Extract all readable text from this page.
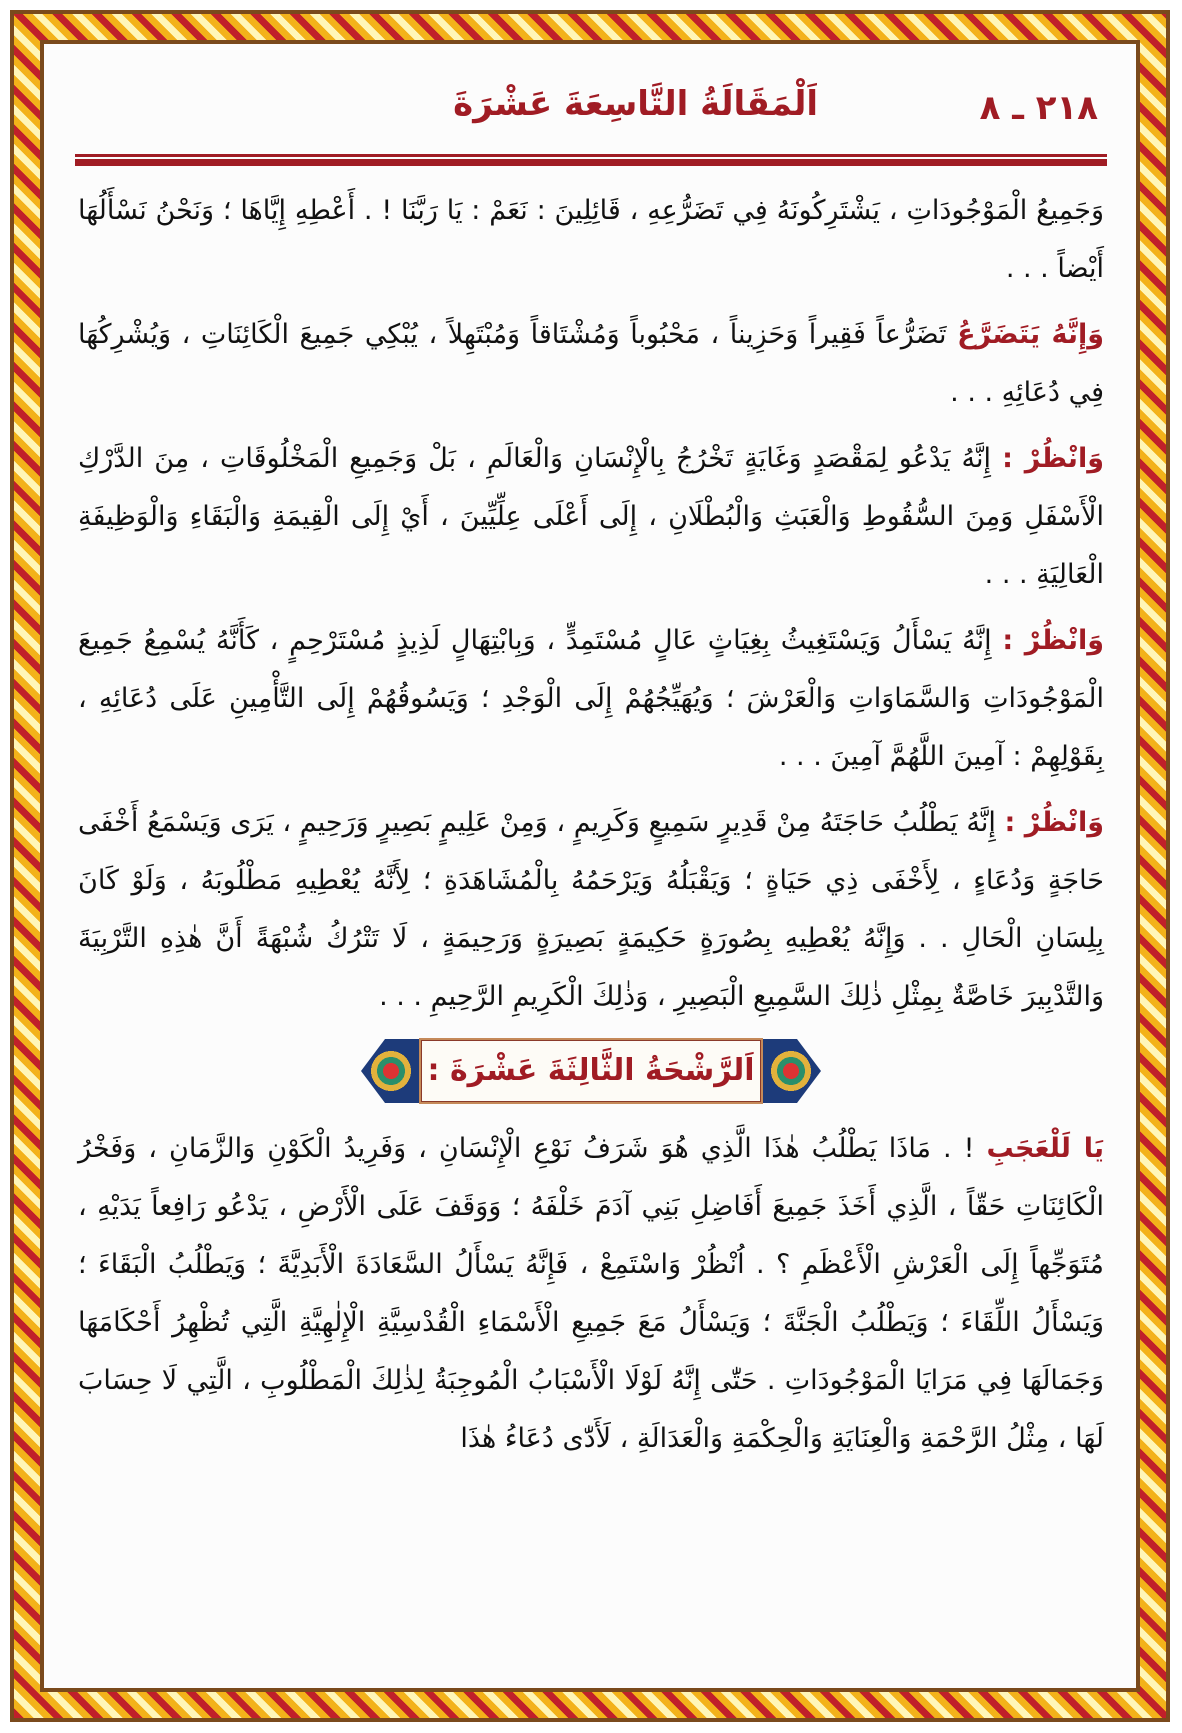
٢١٨ ـ ٨
اَلْمَقَالَةُ التَّاسِعَةَ عَشْرَةَ

وَجَمِيعُ الْمَوْجُودَاتِ ، يَشْتَرِكُونَهُ فِي تَضَرُّعِهِ ، قَائِلِينَ : نَعَمْ : يَا رَبَّنَا ! . أَعْطِهِ إِيَّاهَا ؛ وَنَحْنُ نَسْأَلُهَا أَيْضاً . . .

وَإِنَّهُ يَتَضَرَّعُ تَضَرُّعاً فَقِيراً وَحَزِيناً ، مَحْبُوباً وَمُشْتَاقاً وَمُبْتَهِلاً ، يُبْكِي جَمِيعَ الْكَائِنَاتِ ، وَيُشْرِكُهَا فِي دُعَائِهِ . . .

وَانْظُرْ : إِنَّهُ يَدْعُو لِمَقْصَدٍ وَغَايَةٍ تَخْرُجُ بِالْإِنْسَانِ وَالْعَالَمِ ، بَلْ وَجَمِيعِ الْمَخْلُوقَاتِ ، مِنَ الدَّرْكِ الْأَسْفَلِ وَمِنَ السُّقُوطِ وَالْعَبَثِ وَالْبُطْلَانِ ، إِلَى أَعْلَى عِلِّيِّينَ ، أَيْ إِلَى الْقِيمَةِ وَالْبَقَاءِ وَالْوَظِيفَةِ الْعَالِيَةِ . . .

وَانْظُرْ : إِنَّهُ يَسْأَلُ وَيَسْتَغِيثُ بِغِيَاثٍ عَالٍ مُسْتَمِدٍّ ، وَبِابْتِهَالٍ لَذِيذٍ مُسْتَرْحِمٍ ، كَأَنَّهُ يُسْمِعُ جَمِيعَ الْمَوْجُودَاتِ وَالسَّمَاوَاتِ وَالْعَرْشَ ؛ وَيُهَيِّجُهُمْ إِلَى الْوَجْدِ ؛ وَيَسُوقُهُمْ إِلَى التَّأْمِينِ عَلَى دُعَائِهِ ، بِقَوْلِهِمْ : آمِينَ اللَّهُمَّ آمِينَ . . .

وَانْظُرْ : إِنَّهُ يَطْلُبُ حَاجَتَهُ مِنْ قَدِيرٍ سَمِيعٍ وَكَرِيمٍ ، وَمِنْ عَلِيمٍ بَصِيرٍ وَرَحِيمٍ ، يَرَى وَيَسْمَعُ أَخْفَى حَاجَةٍ وَدُعَاءٍ ، لِأَخْفَى ذِي حَيَاةٍ ؛ وَيَقْبَلُهُ وَيَرْحَمُهُ بِالْمُشَاهَدَةِ ؛ لِأَنَّهُ يُعْطِيهِ مَطْلُوبَهُ ، وَلَوْ كَانَ بِلِسَانِ الْحَالِ . . وَإِنَّهُ يُعْطِيهِ بِصُورَةٍ حَكِيمَةٍ بَصِيرَةٍ وَرَحِيمَةٍ ، لَا تَتْرُكُ شُبْهَةً أَنَّ هٰذِهِ التَّرْبِيَةَ وَالتَّدْبِيرَ خَاصَّةٌ بِمِثْلِ ذٰلِكَ السَّمِيعِ الْبَصِيرِ ، وَذٰلِكَ الْكَرِيمِ الرَّحِيمِ . . .

اَلرَّشْحَةُ الثَّالِثَةَ عَشْرَةَ :

يَا لَلْعَجَبِ ! . مَاذَا يَطْلُبُ هٰذَا الَّذِي هُوَ شَرَفُ نَوْعِ الْإِنْسَانِ ، وَفَرِيدُ الْكَوْنِ وَالزَّمَانِ ، وَفَخْرُ الْكَائِنَاتِ حَقّاً ، الَّذِي أَخَذَ جَمِيعَ أَفَاضِلِ بَنِي آدَمَ خَلْفَهُ ؛ وَوَقَفَ عَلَى الْأَرْضِ ، يَدْعُو رَافِعاً يَدَيْهِ ، مُتَوَجِّهاً إِلَى الْعَرْشِ الْأَعْظَمِ ؟ . اُنْظُرْ وَاسْتَمِعْ ، فَإِنَّهُ يَسْأَلُ السَّعَادَةَ الْأَبَدِيَّةَ ؛ وَيَطْلُبُ الْبَقَاءَ ؛ وَيَسْأَلُ اللِّقَاءَ ؛ وَيَطْلُبُ الْجَنَّةَ ؛ وَيَسْأَلُ مَعَ جَمِيعِ الْأَسْمَاءِ الْقُدْسِيَّةِ الْإِلٰهِيَّةِ الَّتِي تُظْهِرُ أَحْكَامَهَا وَجَمَالَهَا فِي مَرَايَا الْمَوْجُودَاتِ . حَتّٰى إِنَّهُ لَوْلَا الْأَسْبَابُ الْمُوجِبَةُ لِذٰلِكَ الْمَطْلُوبِ ، الَّتِي لَا حِسَابَ لَهَا ، مِثْلُ الرَّحْمَةِ وَالْعِنَايَةِ وَالْحِكْمَةِ وَالْعَدَالَةِ ، لَأَدّٰى دُعَاءُ هٰذَا
